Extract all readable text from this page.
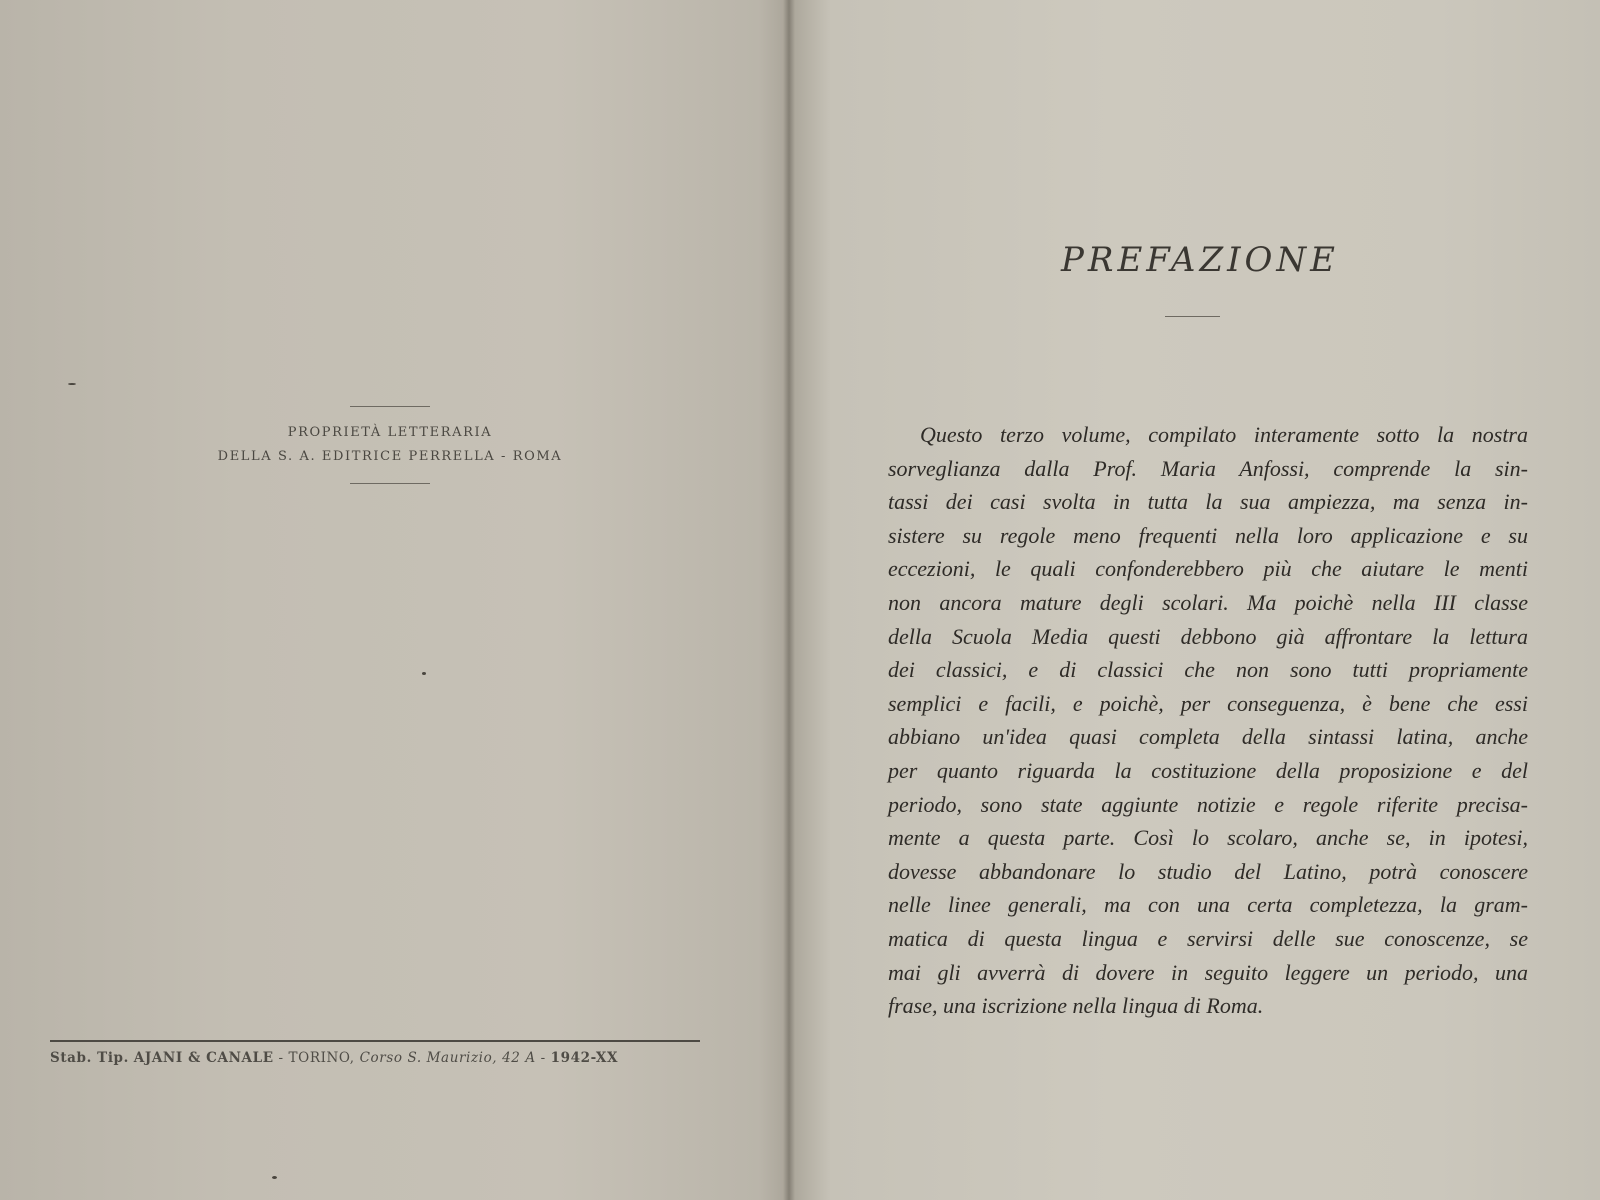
PROPRIETÀ LETTERARIA
DELLA S. A. EDITRICE PERRELLA - ROMA
Stab. Tip. AJANI & CANALE - TORINO, Corso S. Maurizio, 42 A - 1942-XX
PREFAZIONE
Questo terzo volume, compilato interamente sotto la nostra
sorveglianza dalla Prof. Maria Anfossi, comprende la sin-
tassi dei casi svolta in tutta la sua ampiezza, ma senza in-
sistere su regole meno frequenti nella loro applicazione e su
eccezioni, le quali confonderebbero più che aiutare le menti
non ancora mature degli scolari. Ma poichè nella III classe
della Scuola Media questi debbono già affrontare la lettura
dei classici, e di classici che non sono tutti propriamente
semplici e facili, e poichè, per conseguenza, è bene che essi
abbiano un'idea quasi completa della sintassi latina, anche
per quanto riguarda la costituzione della proposizione e del
periodo, sono state aggiunte notizie e regole riferite precisa-
mente a questa parte. Così lo scolaro, anche se, in ipotesi,
dovesse abbandonare lo studio del Latino, potrà conoscere
nelle linee generali, ma con una certa completezza, la gram-
matica di questa lingua e servirsi delle sue conoscenze, se
mai gli avverrà di dovere in seguito leggere un periodo, una
frase, una iscrizione nella lingua di Roma.
